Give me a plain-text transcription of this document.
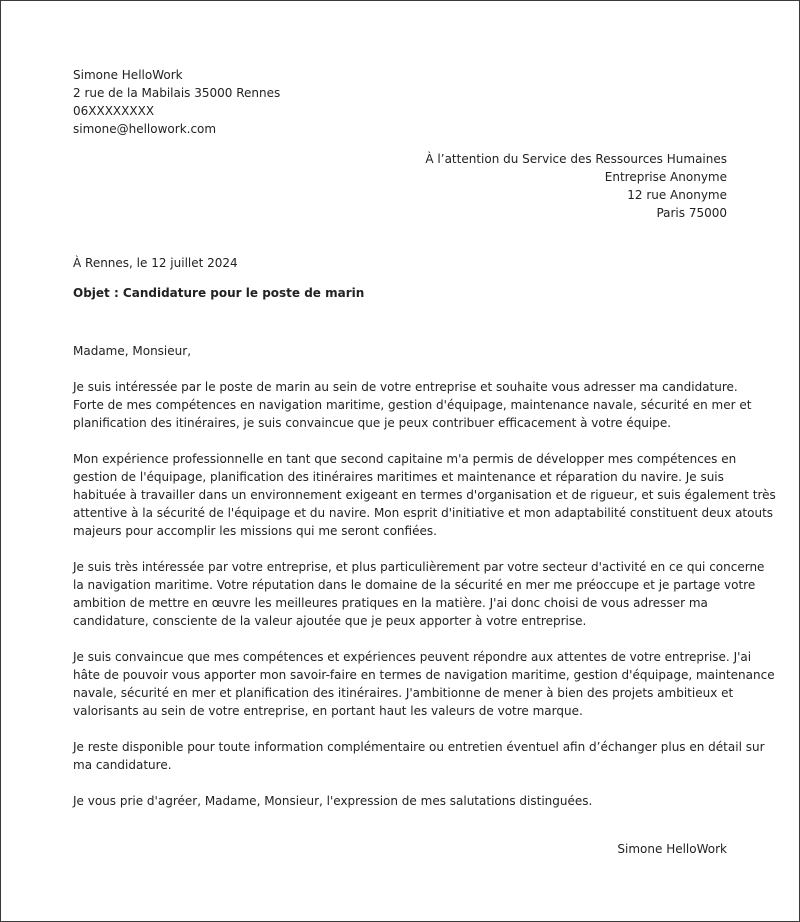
Simone HelloWork
2 rue de la Mabilais 35000 Rennes
06XXXXXXXX
simone@hellowork.com
À l’attention du Service des Ressources Humaines
Entreprise Anonyme
12 rue Anonyme
Paris 75000
À Rennes, le 12 juillet 2024
Objet : Candidature pour le poste de marin

Madame, Monsieur,

Je suis intéressée par le poste de marin au sein de votre entreprise et souhaite vous adresser ma candidature.
Forte de mes compétences en navigation maritime, gestion d'équipage, maintenance navale, sécurité en mer et
planification des itinéraires, je suis convaincue que je peux contribuer efficacement à votre équipe.

Mon expérience professionnelle en tant que second capitaine m'a permis de développer mes compétences en
gestion de l'équipage, planification des itinéraires maritimes et maintenance et réparation du navire. Je suis
habituée à travailler dans un environnement exigeant en termes d'organisation et de rigueur, et suis également très
attentive à la sécurité de l'équipage et du navire. Mon esprit d'initiative et mon adaptabilité constituent deux atouts
majeurs pour accomplir les missions qui me seront confiées.

Je suis très intéressée par votre entreprise, et plus particulièrement par votre secteur d'activité en ce qui concerne
la navigation maritime. Votre réputation dans le domaine de la sécurité en mer me préoccupe et je partage votre
ambition de mettre en œuvre les meilleures pratiques en la matière. J'ai donc choisi de vous adresser ma
candidature, consciente de la valeur ajoutée que je peux apporter à votre entreprise.

Je suis convaincue que mes compétences et expériences peuvent répondre aux attentes de votre entreprise. J'ai
hâte de pouvoir vous apporter mon savoir-faire en termes de navigation maritime, gestion d'équipage, maintenance
navale, sécurité en mer et planification des itinéraires. J'ambitionne de mener à bien des projets ambitieux et
valorisants au sein de votre entreprise, en portant haut les valeurs de votre marque.

Je reste disponible pour toute information complémentaire ou entretien éventuel afin d’échanger plus en détail sur
ma candidature.

Je vous prie d'agréer, Madame, Monsieur, l'expression de mes salutations distinguées.

Simone HelloWork
